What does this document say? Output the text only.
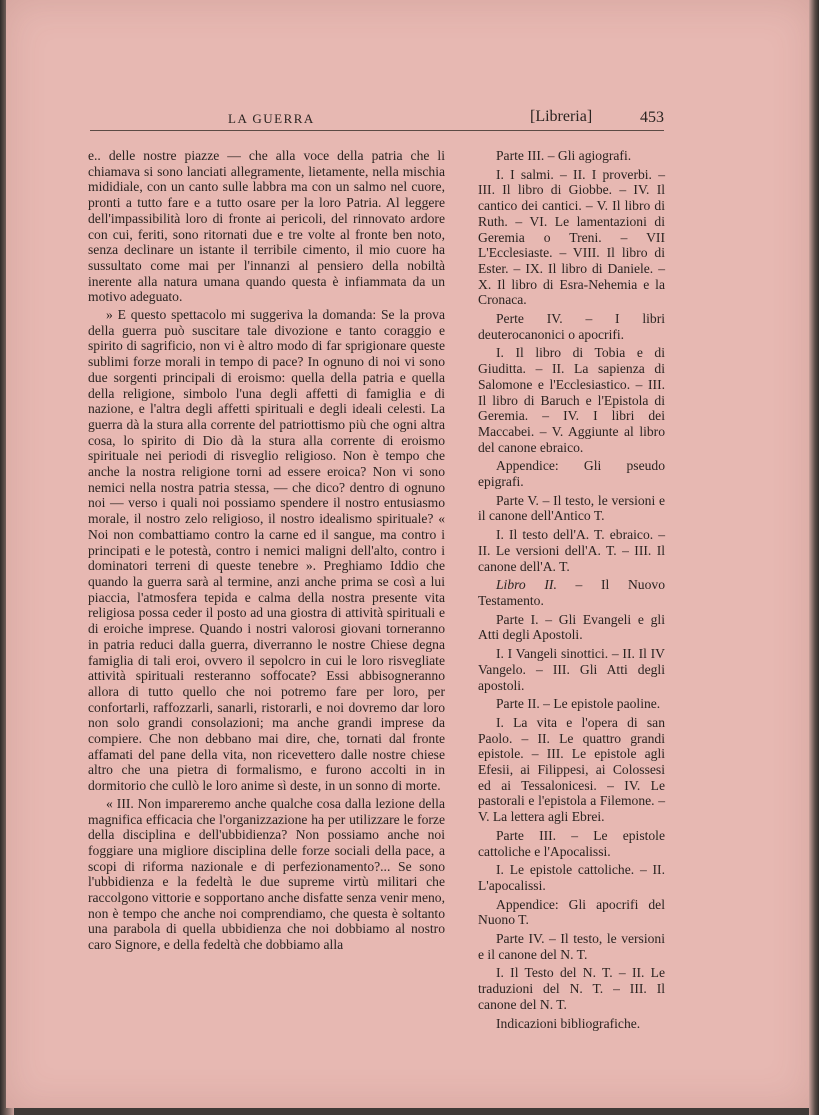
LA GUERRA	[Libreria]	453

e.. delle nostre piazze — che alla voce della patria che li chiamava si sono lanciati allegramente, lietamente, nella mischia mididiale, con un canto sulle labbra ma con un salmo nel cuore, pronti a tutto fare e a tutto osare per la loro Patria. Al leggere dell'impassibilità loro di fronte ai pericoli, del rinnovato ardore con cui, feriti, sono ritornati due e tre volte al fronte ben noto, senza declinare un istante il terribile cimento, il mio cuore ha sussultato come mai per l'innanzi al pensiero della nobiltà inerente alla natura umana quando questa è infiammata da un motivo adeguato.

» E questo spettacolo mi suggeriva la domanda: Se la prova della guerra può suscitare tale divozione e tanto coraggio e spirito di sagrificio, non vi è altro modo di far sprigionare queste sublimi forze morali in tempo di pace? In ognuno di noi vi sono due sorgenti principali di eroismo: quella della patria e quella della religione, simbolo l'una degli affetti di famiglia e di nazione, e l'altra degli affetti spirituali e degli ideali celesti. La guerra dà la stura alla corrente del patriottismo più che ogni altra cosa, lo spirito di Dio dà la stura alla corrente di eroismo spirituale nei periodi di risveglio religioso. Non è tempo che anche la nostra religione torni ad essere eroica? Non vi sono nemici nella nostra patria stessa, — che dico? dentro di ognuno noi — verso i quali noi possiamo spendere il nostro entusiasmo morale, il nostro zelo religioso, il nostro idealismo spirituale? « Noi non combattiamo contro la carne ed il sangue, ma contro i principati e le potestà, contro i nemici maligni dell'alto, contro i dominatori terreni di queste tenebre ». Preghiamo Iddio che quando la guerra sarà al termine, anzi anche prima se così a lui piaccia, l'atmosfera tepida e calma della nostra presente vita religiosa possa ceder il posto ad una giostra di attività spirituali e di eroiche imprese. Quando i nostri valorosi giovani torneranno in patria reduci dalla guerra, diverranno le nostre Chiese degna famiglia di tali eroi, ovvero il sepolcro in cui le loro risvegliate attività spirituali resteranno soffocate? Essi abbisogneranno allora di tutto quello che noi potremo fare per loro, per confortarli, raffozzarli, sanarli, ristorarli, e noi dovremo dar loro non solo grandi consolazioni; ma anche grandi imprese da compiere. Che non debbano mai dire, che, tornati dal fronte affamati del pane della vita, non ricevettero dalle nostre chiese altro che una pietra di formalismo, e furono accolti in in dormitorio che cullò le loro anime sì deste, in un sonno di morte.

« III. Non impareremo anche qualche cosa dalla lezione della magnifica efficacia che l'organizzazione ha per utilizzare le forze della disciplina e dell'ubbidienza? Non possiamo anche noi foggiare una migliore disciplina delle forze sociali della pace, a scopi di riforma nazionale e di perfezionamento?... Se sono l'ubbidienza e la fedeltà le due supreme virtù militari che raccolgono vittorie e sopportano anche disfatte senza venir meno, non è tempo che anche noi comprendiamo, che questa è soltanto una parabola di quella ubbidienza che noi dobbiamo al nostro caro Signore, e della fedeltà che dobbiamo alla

Parte III. – Gli agiografi.

I. I salmi. – II. I proverbi. – III. Il libro di Giobbe. – IV. Il cantico dei cantici. – V. Il libro di Ruth. – VI. Le lamentazioni di Geremia o Treni. – VII L'Ecclesiaste. – VIII. Il libro di Ester. – IX. Il libro di Daniele. – X. Il libro di Esra-Nehemia e la Cronaca.

Perte IV. – I libri deuterocanonici o apocrifi.

I. Il libro di Tobia e di Giuditta. – II. La sapienza di Salomone e l'Ecclesiastico. – III. Il libro di Baruch e l'Epistola di Geremia. – IV. I libri dei Maccabei. – V. Aggiunte al libro del canone ebraico.

Appendice: Gli pseudo epigrafi.

Parte V. – Il testo, le versioni e il canone dell'Antico T.

I. Il testo dell'A. T. ebraico. – II. Le versioni dell'A. T. – III. Il canone dell'A. T.

Libro II. – Il Nuovo Testamento.

Parte I. – Gli Evangeli e gli Atti degli Apostoli.

I. I Vangeli sinottici. – II. Il IV Vangelo. – III. Gli Atti degli apostoli.

Parte II. – Le epistole paoline.

I. La vita e l'opera di san Paolo. – II. Le quattro grandi epistole. – III. Le epistole agli Efesii, ai Filippesi, ai Colossesi ed ai Tessalonicesi. – IV. Le pastorali e l'epistola a Filemone. – V. La lettera agli Ebrei.

Parte III. – Le epistole cattoliche e l'Apocalissi.

I. Le epistole cattoliche. – II. L'apocalissi.

Appendice: Gli apocrifi del Nuono T.

Parte IV. – Il testo, le versioni e il canone del N. T.

I. Il Testo del N. T. – II. Le traduzioni del N. T. – III. Il canone del N. T.

Indicazioni bibliografiche.
